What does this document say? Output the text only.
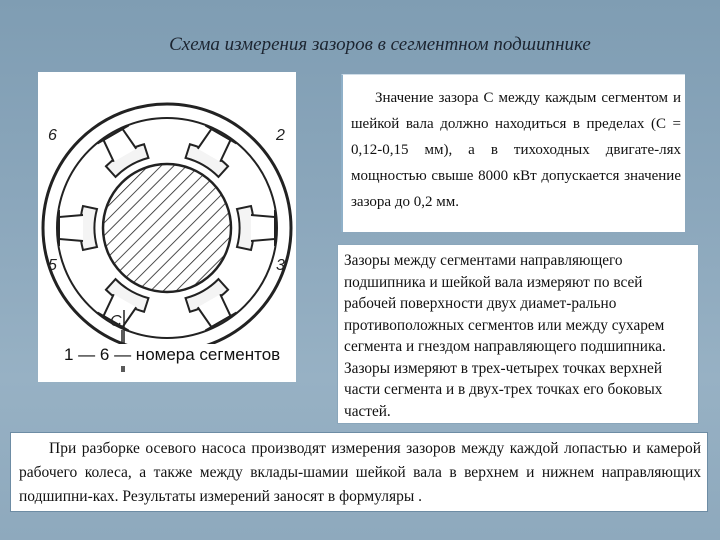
Схема измерения зазоров в сегментном подшипнике
6	2
5	3
С
1 — 6 — номера сегментов
Значение зазора С между каждым сегментом и шейкой вала должно находиться в пределах (С = 0,12-0,15 мм), а в тихоходных двигате-лях мощностью свыше 8000 кВт допускается значение зазора до 0,2 мм.
Зазоры между сегментами направляющего подшипника и шейкой вала измеряют по всей рабочей поверхности двух диамет-рально противоположных сегментов или между сухарем сегмента и гнездом направляющего подшипника. Зазоры измеряют в трех-четырех точках верхней части сегмента и в двух-трех точках его боковых частей.
При разборке осевого насоса производят измерения зазоров между каждой лопастью и камерой рабочего колеса, а также между вклады-шамии шейкой вала в верхнем и нижнем направляющих подшипни-ках. Результаты измерений заносят в формуляры .
